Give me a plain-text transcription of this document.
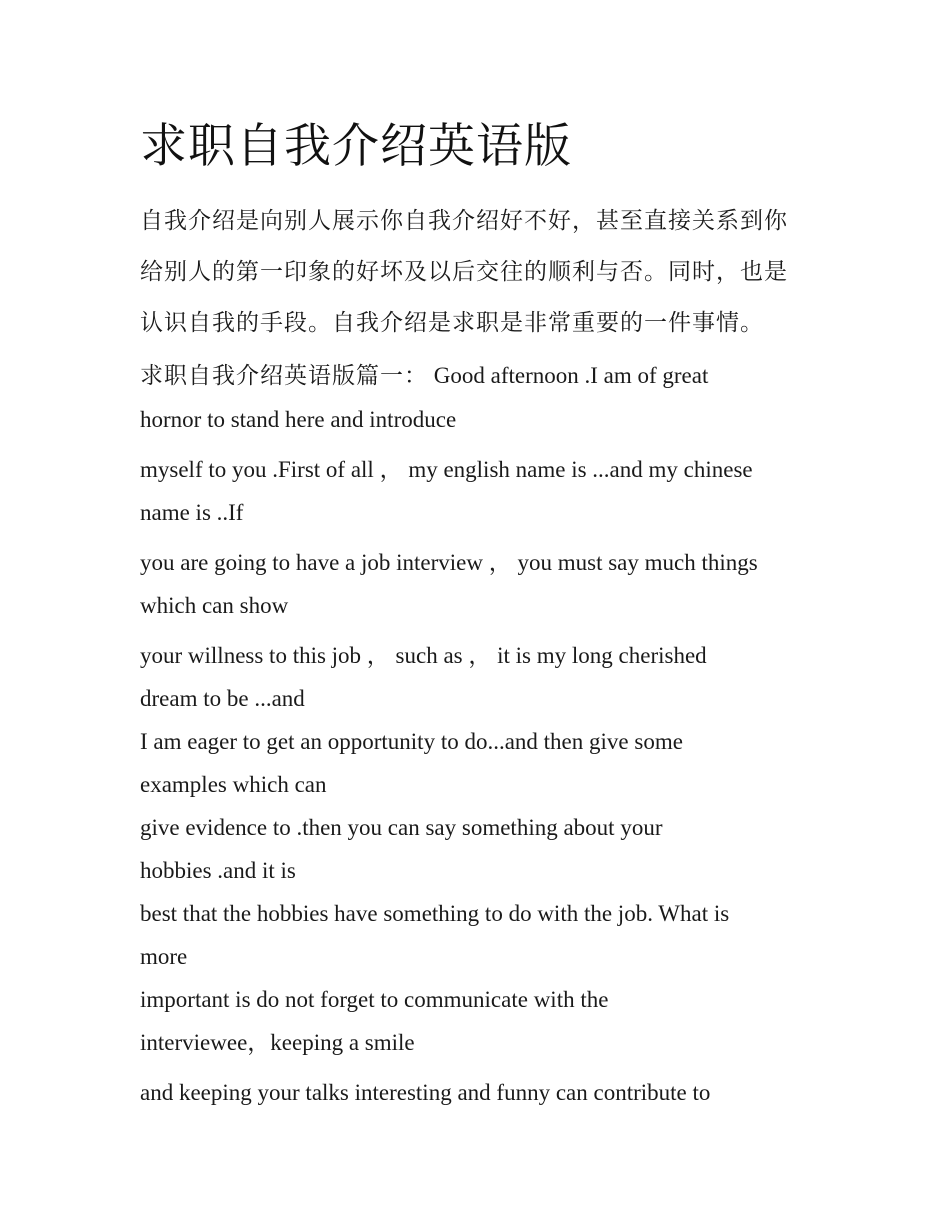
求职自我介绍英语版

自我介绍是向别人展示你自我介绍好不好，甚至直接关系到你

给别人的第一印象的好坏及以后交往的顺利与否。同时，也是

认识自我的手段。自我介绍是求职是非常重要的一件事情。

求职自我介绍英语版篇一： Good afternoon .I am of great
hornor to stand here and introduce

myself to you .First of all ， my english name is ...and my chinese
name is ..If

you are going to have a job interview ， you must say much things
which can show

your willness to this job ， such as ， it is my long cherished
dream to be ...and

I am eager to get an opportunity to do...and then give some
examples which can

give evidence to .then you can say something about your
hobbies .and it is

best that the hobbies have something to do with the job. What is
more

important is do not forget to communicate with the
interviewee，keeping a smile

and keeping your talks interesting and funny can contribute to
